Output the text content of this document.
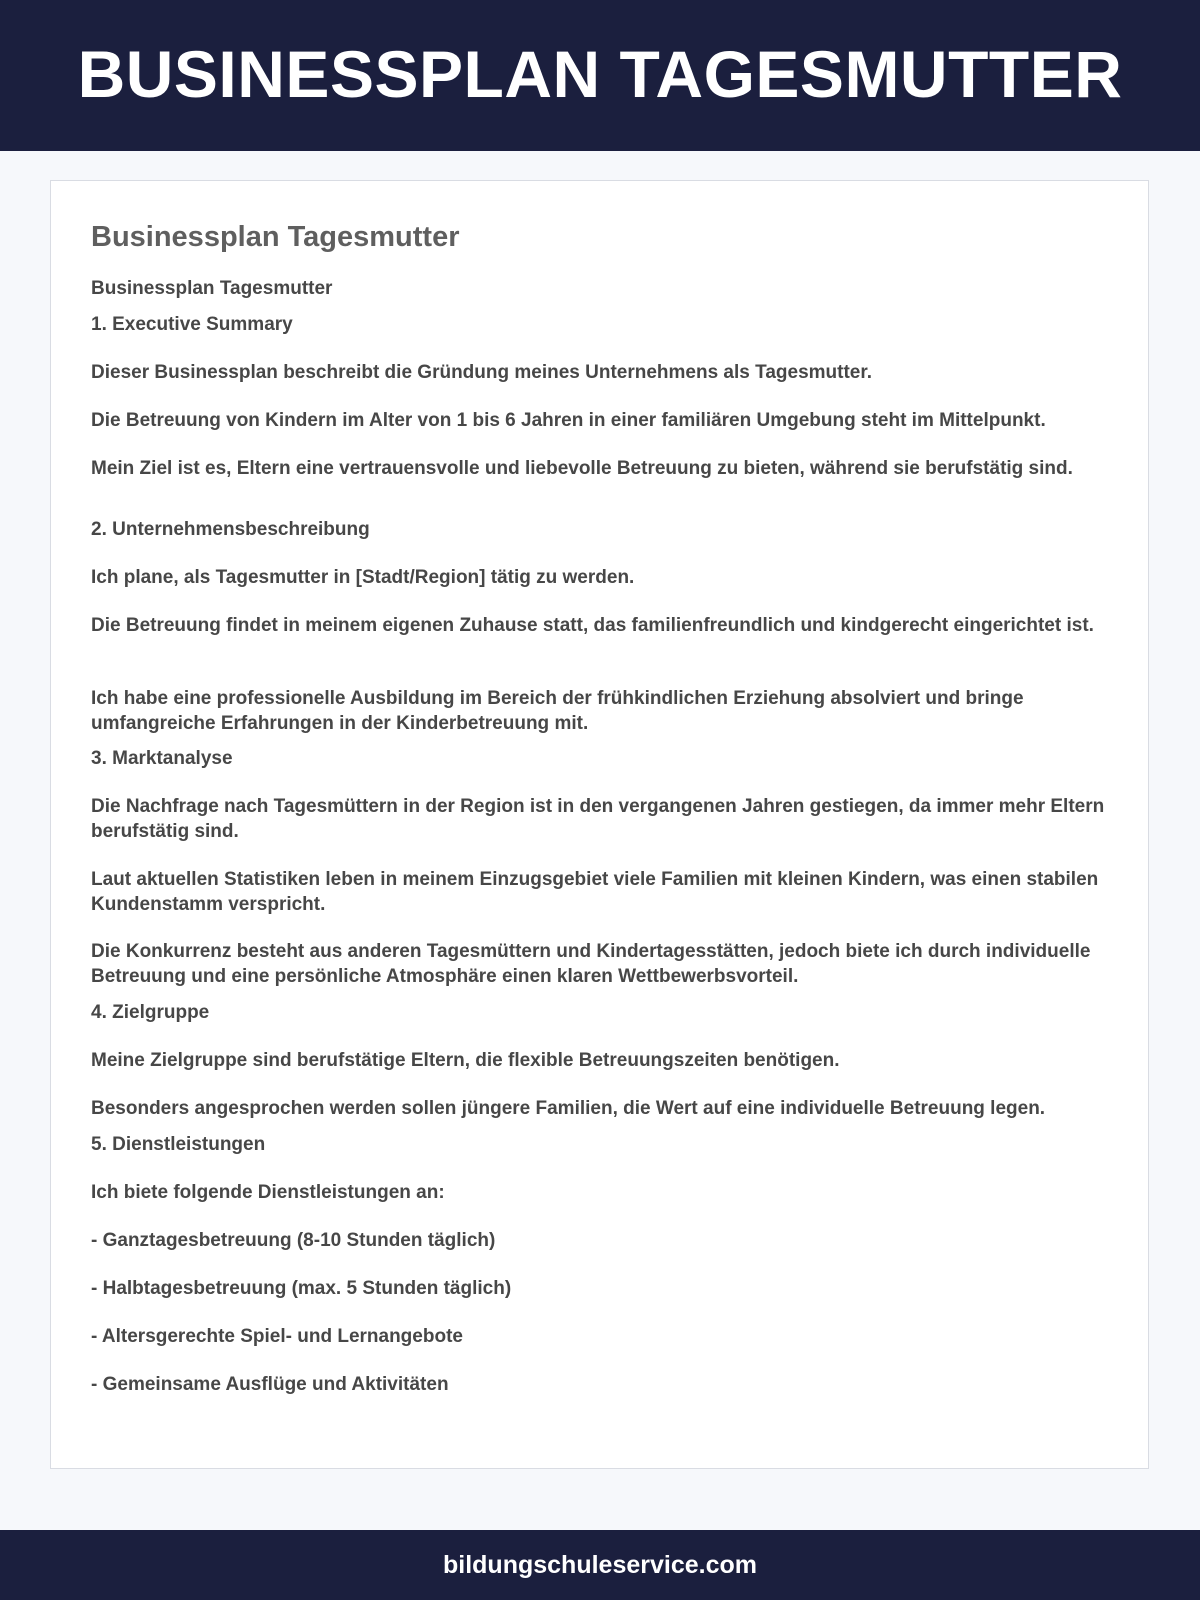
BUSINESSPLAN TAGESMUTTER
Businessplan Tagesmutter

Businessplan Tagesmutter

1. Executive Summary

Dieser Businessplan beschreibt die Gründung meines Unternehmens als Tagesmutter.

Die Betreuung von Kindern im Alter von 1 bis 6 Jahren in einer familiären Umgebung steht im Mittelpunkt.

Mein Ziel ist es, Eltern eine vertrauensvolle und liebevolle Betreuung zu bieten, während sie berufstätig sind.

2. Unternehmensbeschreibung

Ich plane, als Tagesmutter in [Stadt/Region] tätig zu werden.

Die Betreuung findet in meinem eigenen Zuhause statt, das familienfreundlich und kindgerecht eingerichtet ist.

Ich habe eine professionelle Ausbildung im Bereich der frühkindlichen Erziehung absolviert und bringe umfangreiche Erfahrungen in der Kinderbetreuung mit.

3. Marktanalyse

Die Nachfrage nach Tagesmüttern in der Region ist in den vergangenen Jahren gestiegen, da immer mehr Eltern berufstätig sind.

Laut aktuellen Statistiken leben in meinem Einzugsgebiet viele Familien mit kleinen Kindern, was einen stabilen Kundenstamm verspricht.

Die Konkurrenz besteht aus anderen Tagesmüttern und Kindertagesstätten, jedoch biete ich durch individuelle Betreuung und eine persönliche Atmosphäre einen klaren Wettbewerbsvorteil.

4. Zielgruppe

Meine Zielgruppe sind berufstätige Eltern, die flexible Betreuungszeiten benötigen.

Besonders angesprochen werden sollen jüngere Familien, die Wert auf eine individuelle Betreuung legen.

5. Dienstleistungen

Ich biete folgende Dienstleistungen an:

- Ganztagesbetreuung (8-10 Stunden täglich)

- Halbtagesbetreuung (max. 5 Stunden täglich)

- Altersgerechte Spiel- und Lernangebote

- Gemeinsame Ausflüge und Aktivitäten

bildungschuleservice.com
